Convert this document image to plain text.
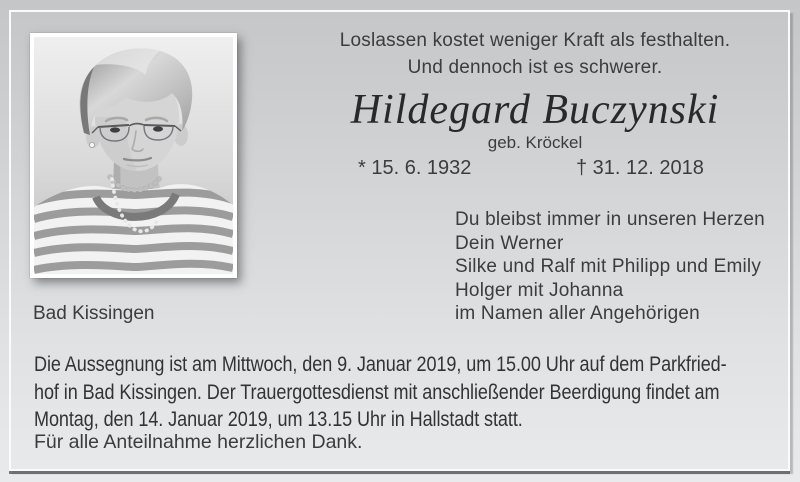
Loslassen kostet weniger Kraft als festhalten.
Und dennoch ist es schwerer.
Hildegard Buczynski
geb. Kröckel
* 15. 6. 1932	† 31. 12. 2018
Du bleibst immer in unseren Herzen
Dein Werner
Silke und Ralf mit Philipp und Emily
Holger mit Johanna
im Namen aller Angehörigen
Bad Kissingen
Die Aussegnung ist am Mittwoch, den 9. Januar 2019, um 15.00 Uhr auf dem Parkfried-
hof in Bad Kissingen. Der Trauergottesdienst mit anschließender Beerdigung findet am
Montag, den 14. Januar 2019, um 13.15 Uhr in Hallstadt statt.
Für alle Anteilnahme herzlichen Dank.
